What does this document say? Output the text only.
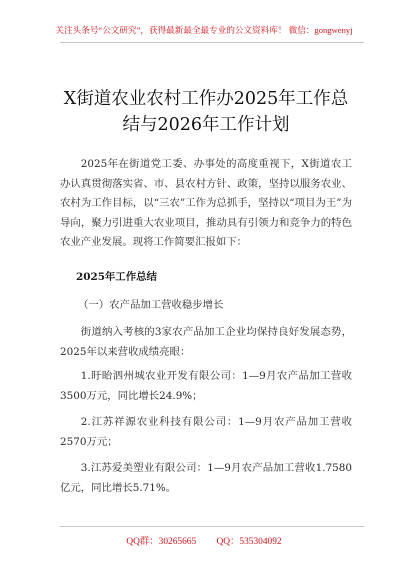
关注头条号“公文研究”，获得最新最全最专业的公文资料库！ 微信：gongwenyj
X街道农业农村工作办2025年工作总结与2026年工作计划

2025年在街道党工委、办事处的高度重视下，X街道农工办认真贯彻落实省、市、县农村方针、政策，坚持以服务农业、农村为工作目标，以“三农”工作为总抓手，坚持以“项目为王”为导向，聚力引进重大农业项目，推动具有引领力和竞争力的特色农业产业发展。现将工作简要汇报如下：

2025年工作总结

（一）农产品加工营收稳步增长

街道纳入考核的3家农产品加工企业均保持良好发展态势，2025年以来营收成绩亮眼：

1.盱眙泗州城农业开发有限公司：1—9月农产品加工营收3500万元，同比增长24.9%；

2.江苏祥源农业科技有限公司：1—9月农产品加工营收2570万元；

3.江苏爱美塑业有限公司：1—9月农产品加工营收1.7580亿元，同比增长5.71%。

QQ群：30265665 QQ：535304092
